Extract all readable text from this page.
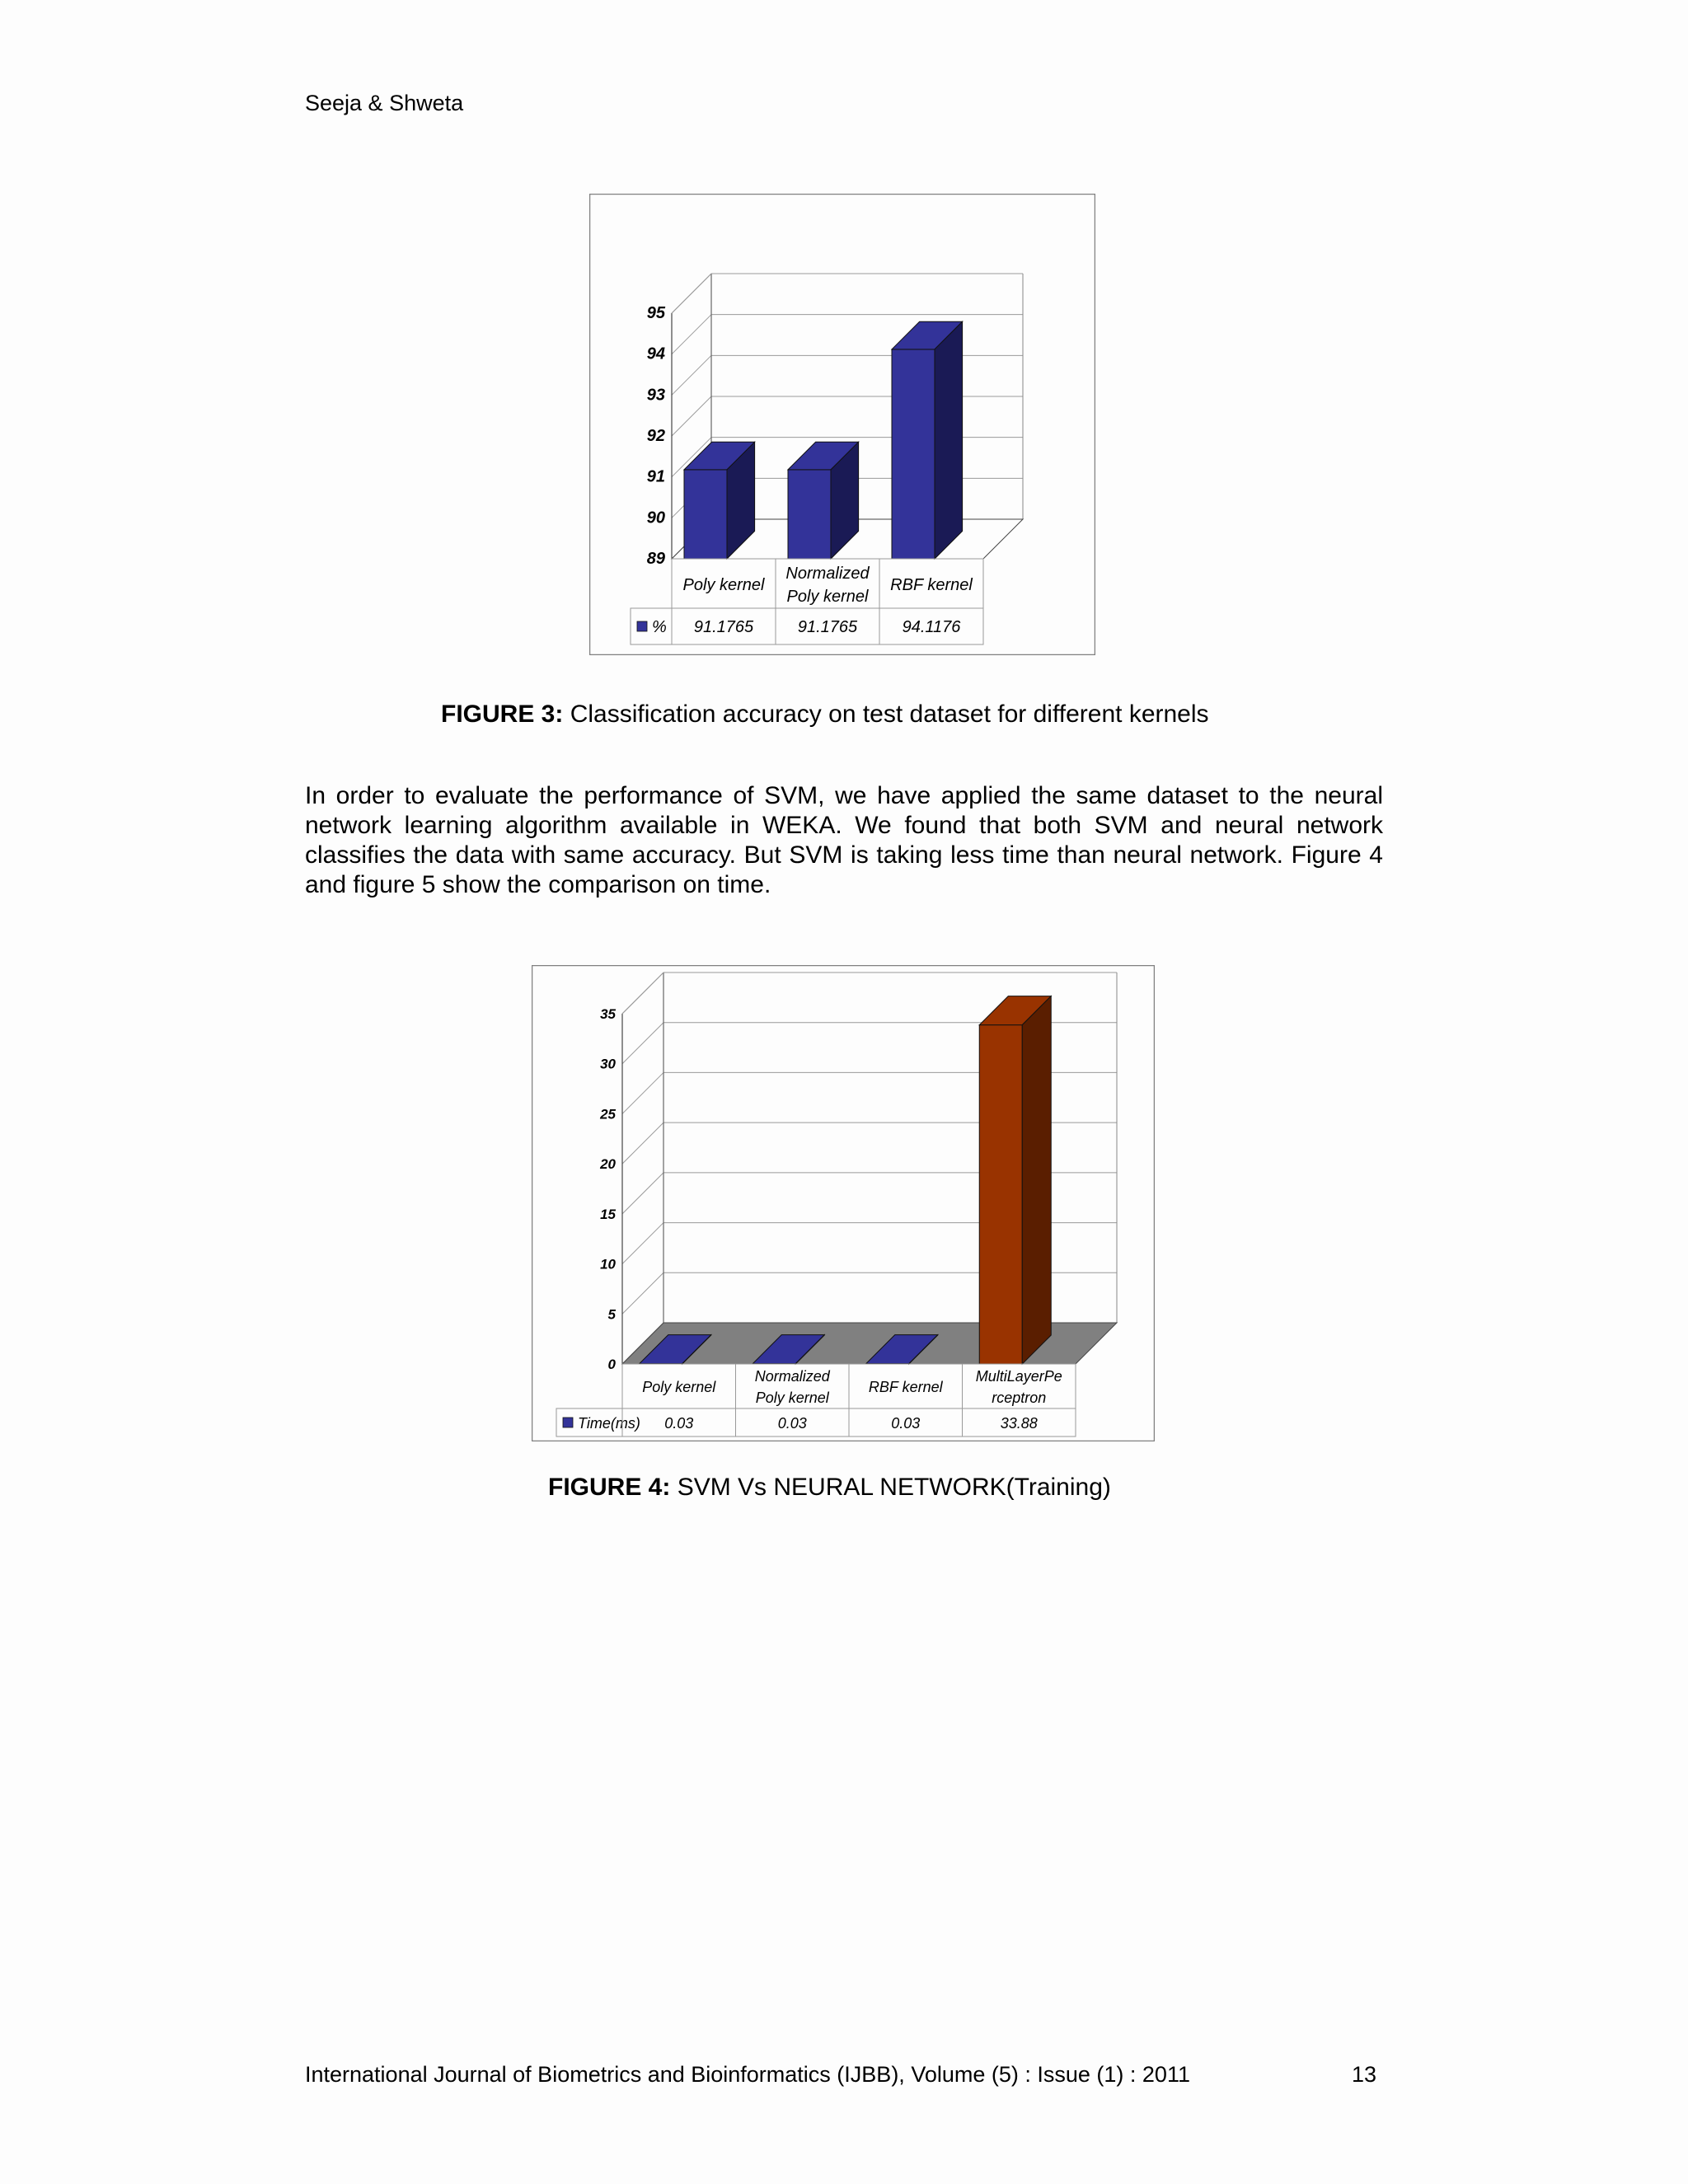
Seeja & Shweta
89
90
91
92
93
94
95
%
Poly kernel
91.1765
Normalized
Poly kernel
91.1765
RBF kernel
94.1176
FIGURE 3: Classification accuracy on test dataset for different kernels

In order to evaluate the performance of SVM, we have applied the same dataset to the neural network learning algorithm available in WEKA. We found that both SVM and neural network classifies the data with same accuracy. But SVM is taking less time than neural network. Figure 4 and figure 5 show the comparison on time.

0
5
10
15
20
25
30
35
Time(ms)
Poly kernel
0.03
Normalized
Poly kernel
0.03
RBF kernel
0.03
MultiLayerPe
rceptron
33.88
FIGURE 4: SVM Vs NEURAL NETWORK(Training)
International Journal of Biometrics and Bioinformatics (IJBB), Volume (5) : Issue (1) : 2011	13
